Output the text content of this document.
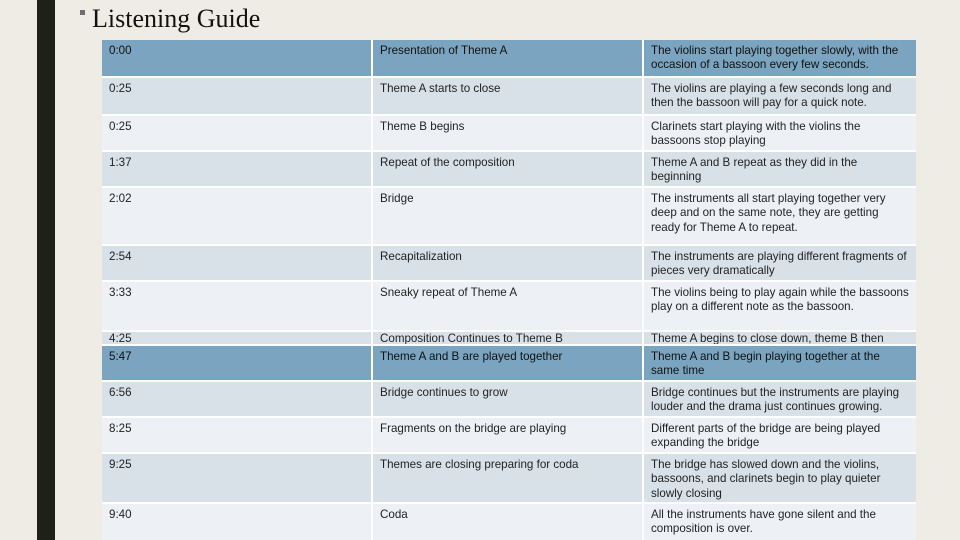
Listening Guide
0:00	Presentation of Theme A	The violins start playing together slowly, with the occasion of a bassoon every few seconds.
0:25	Theme A starts to close	The violins are playing a few seconds long and then the bassoon will pay for a quick note.
0:25	Theme B begins	Clarinets start playing with the violins the bassoons stop playing
1:37	Repeat of the composition	Theme A and B repeat as they did in the beginning
2:02	Bridge	The instruments all start playing together very deep and on the same note, they are getting ready for Theme A to repeat.
2:54	Recapitalization	The instruments are playing different fragments of pieces very dramatically
3:33	Sneaky repeat of Theme A	The violins being to play again while the bassoons play on a different note as the bassoon.
4:25	Composition Continues to Theme B	Theme A begins to close down, theme B then
5:47	Theme A and B are played together	Theme A and B begin playing together at the same time
6:56	Bridge continues to grow	Bridge continues but the instruments are playing louder and the drama just continues growing.
8:25	Fragments on the bridge are playing	Different parts of the bridge are being played expanding the bridge
9:25	Themes are closing preparing for coda	The bridge has slowed down and the violins, bassoons, and clarinets begin to play quieter slowly closing
9:40	Coda	All the instruments have gone silent and the composition is over.
